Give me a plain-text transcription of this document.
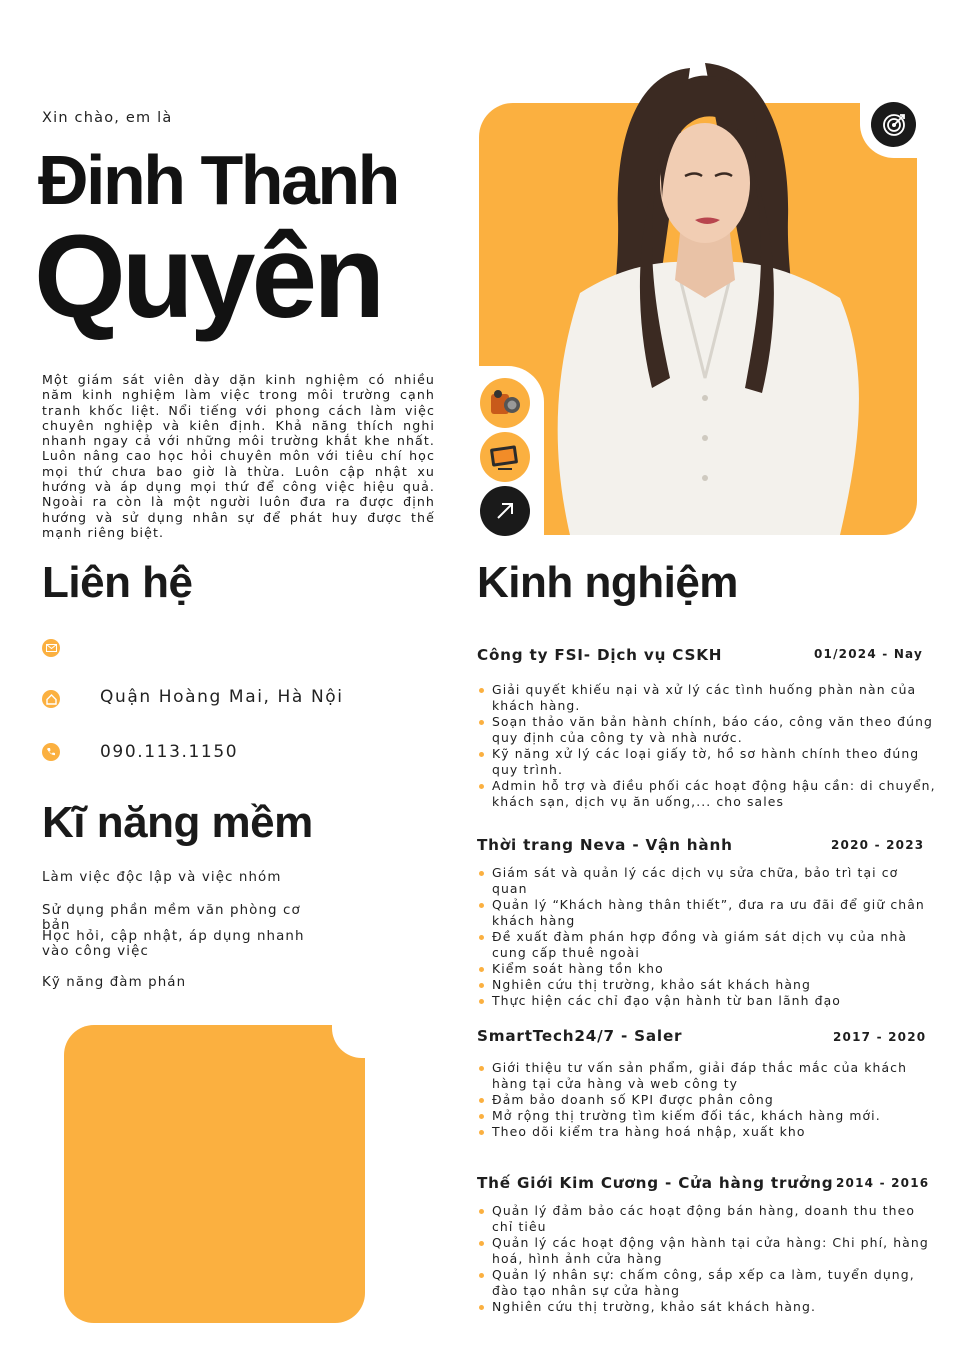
Xin chào, em là
Đinh Thanh
Quyên
Một giám sát viên dày dặn kinh nghiệm có nhiều năm kinh nghiệm làm việc trong môi trường cạnh tranh khốc liệt. Nổi tiếng với phong cách làm việc chuyên nghiệp và kiên định. Khả năng thích nghi nhanh ngay cả với những môi trường khắt khe nhất. Luôn nâng cao học hỏi chuyên môn với tiêu chí học mọi thứ chưa bao giờ là thừa. Luôn cập nhật xu hướng và áp dụng mọi thứ để công việc hiệu quả. Ngoài ra còn là một người luôn đưa ra được định hướng và sử dụng nhân sự để phát huy được thế mạnh riêng biệt.
Liên hệ
Quận Hoàng Mai, Hà Nội
090.113.1150
Kĩ năng mềm
Làm việc độc lập và việc nhóm
Sử dụng phần mềm văn phòng cơ bản
Học hỏi, cập nhật, áp dụng nhanh vào công việc
Kỹ năng đàm phán
Kinh nghiệm
Công ty FSI- Dịch vụ CSKH	01/2024 - Nay
Giải quyết khiếu nại và xử lý các tình huống phàn nàn của khách hàng.
Soạn thảo văn bản hành chính, báo cáo, công văn theo đúng quy định của công ty và nhà nước.
Kỹ năng xử lý các loại giấy tờ, hồ sơ hành chính theo đúng quy trình.
Admin hỗ trợ và điều phối các hoạt động hậu cần: di chuyển, khách sạn, dịch vụ ăn uống,... cho sales
Thời trang Neva - Vận hành	2020 - 2023
Giám sát và quản lý các dịch vụ sửa chữa, bảo trì tại cơ quan
Quản lý “Khách hàng thân thiết”, đưa ra ưu đãi để giữ chân khách hàng
Đề xuất đàm phán hợp đồng và giám sát dịch vụ của nhà cung cấp thuê ngoài
Kiểm soát hàng tồn kho
Nghiên cứu thị trường, khảo sát khách hàng
Thực hiện các chỉ đạo vận hành từ ban lãnh đạo
SmartTech24/7 - Saler	2017 - 2020
Giới thiệu tư vấn sản phẩm, giải đáp thắc mắc của khách hàng tại cửa hàng và web công ty
Đảm bảo doanh số KPI được phân công
Mở rộng thị trường tìm kiếm đối tác, khách hàng mới.
Theo dõi kiểm tra hàng hoá nhập, xuất kho
Thế Giới Kim Cương - Cửa hàng trưởng 2014 - 2016
Quản lý đảm bảo các hoạt động bán hàng, doanh thu theo chỉ tiêu
Quản lý các hoạt động vận hành tại cửa hàng: Chi phí, hàng hoá, hình ảnh cửa hàng
Quản lý nhân sự: chấm công, sắp xếp ca làm, tuyển dụng, đào tạo nhân sự cửa hàng
Nghiên cứu thị trường, khảo sát khách hàng.
